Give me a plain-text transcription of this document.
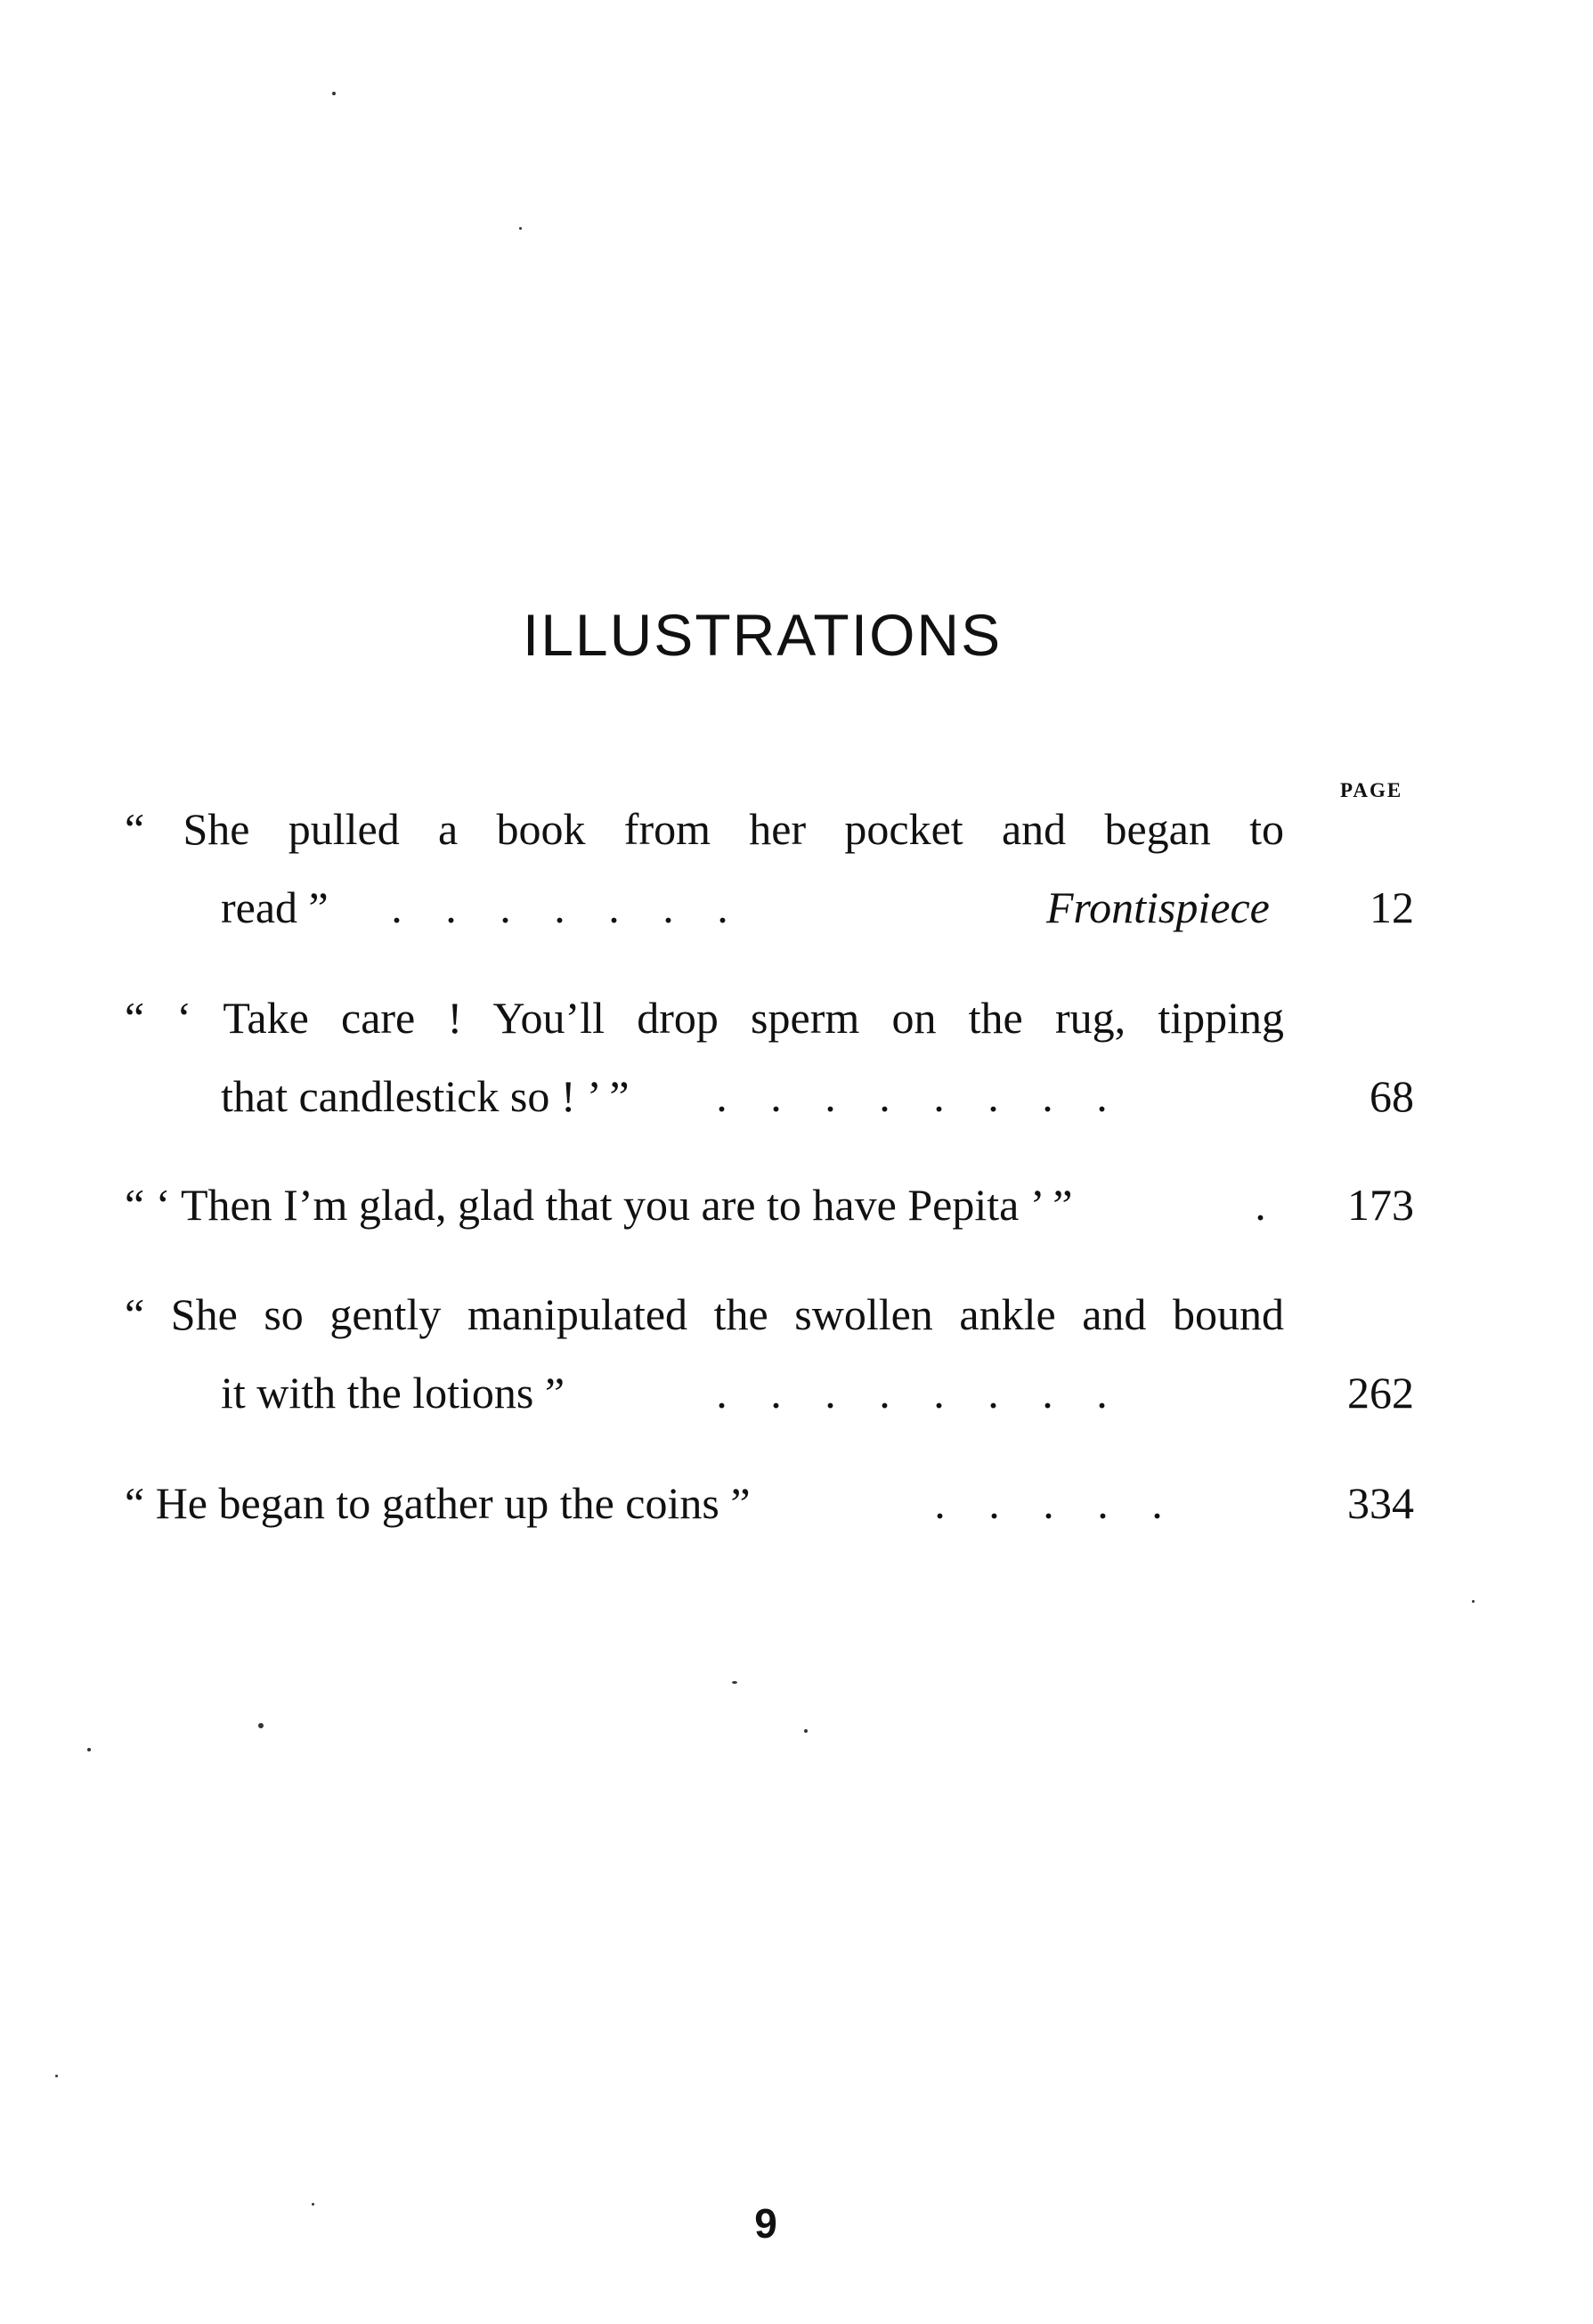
ILLUSTRATIONS
PAGE
“ She pulled a book from her pocket and began to
read ”	. . . . . . .	Frontispiece	12
“ ‘ Take care ! You’ll drop sperm on the rug, tipping
that candlestick so ! ’ ”	. . . . . . . .	68
“ ‘ Then I’m glad, glad that you are to have Pepita ’ ”	.	173
“ She so gently manipulated the swollen ankle and bound
it with the lotions ”	. . . . . . . .	262
“ He began to gather up the coins ”	. . . . .	334
9
